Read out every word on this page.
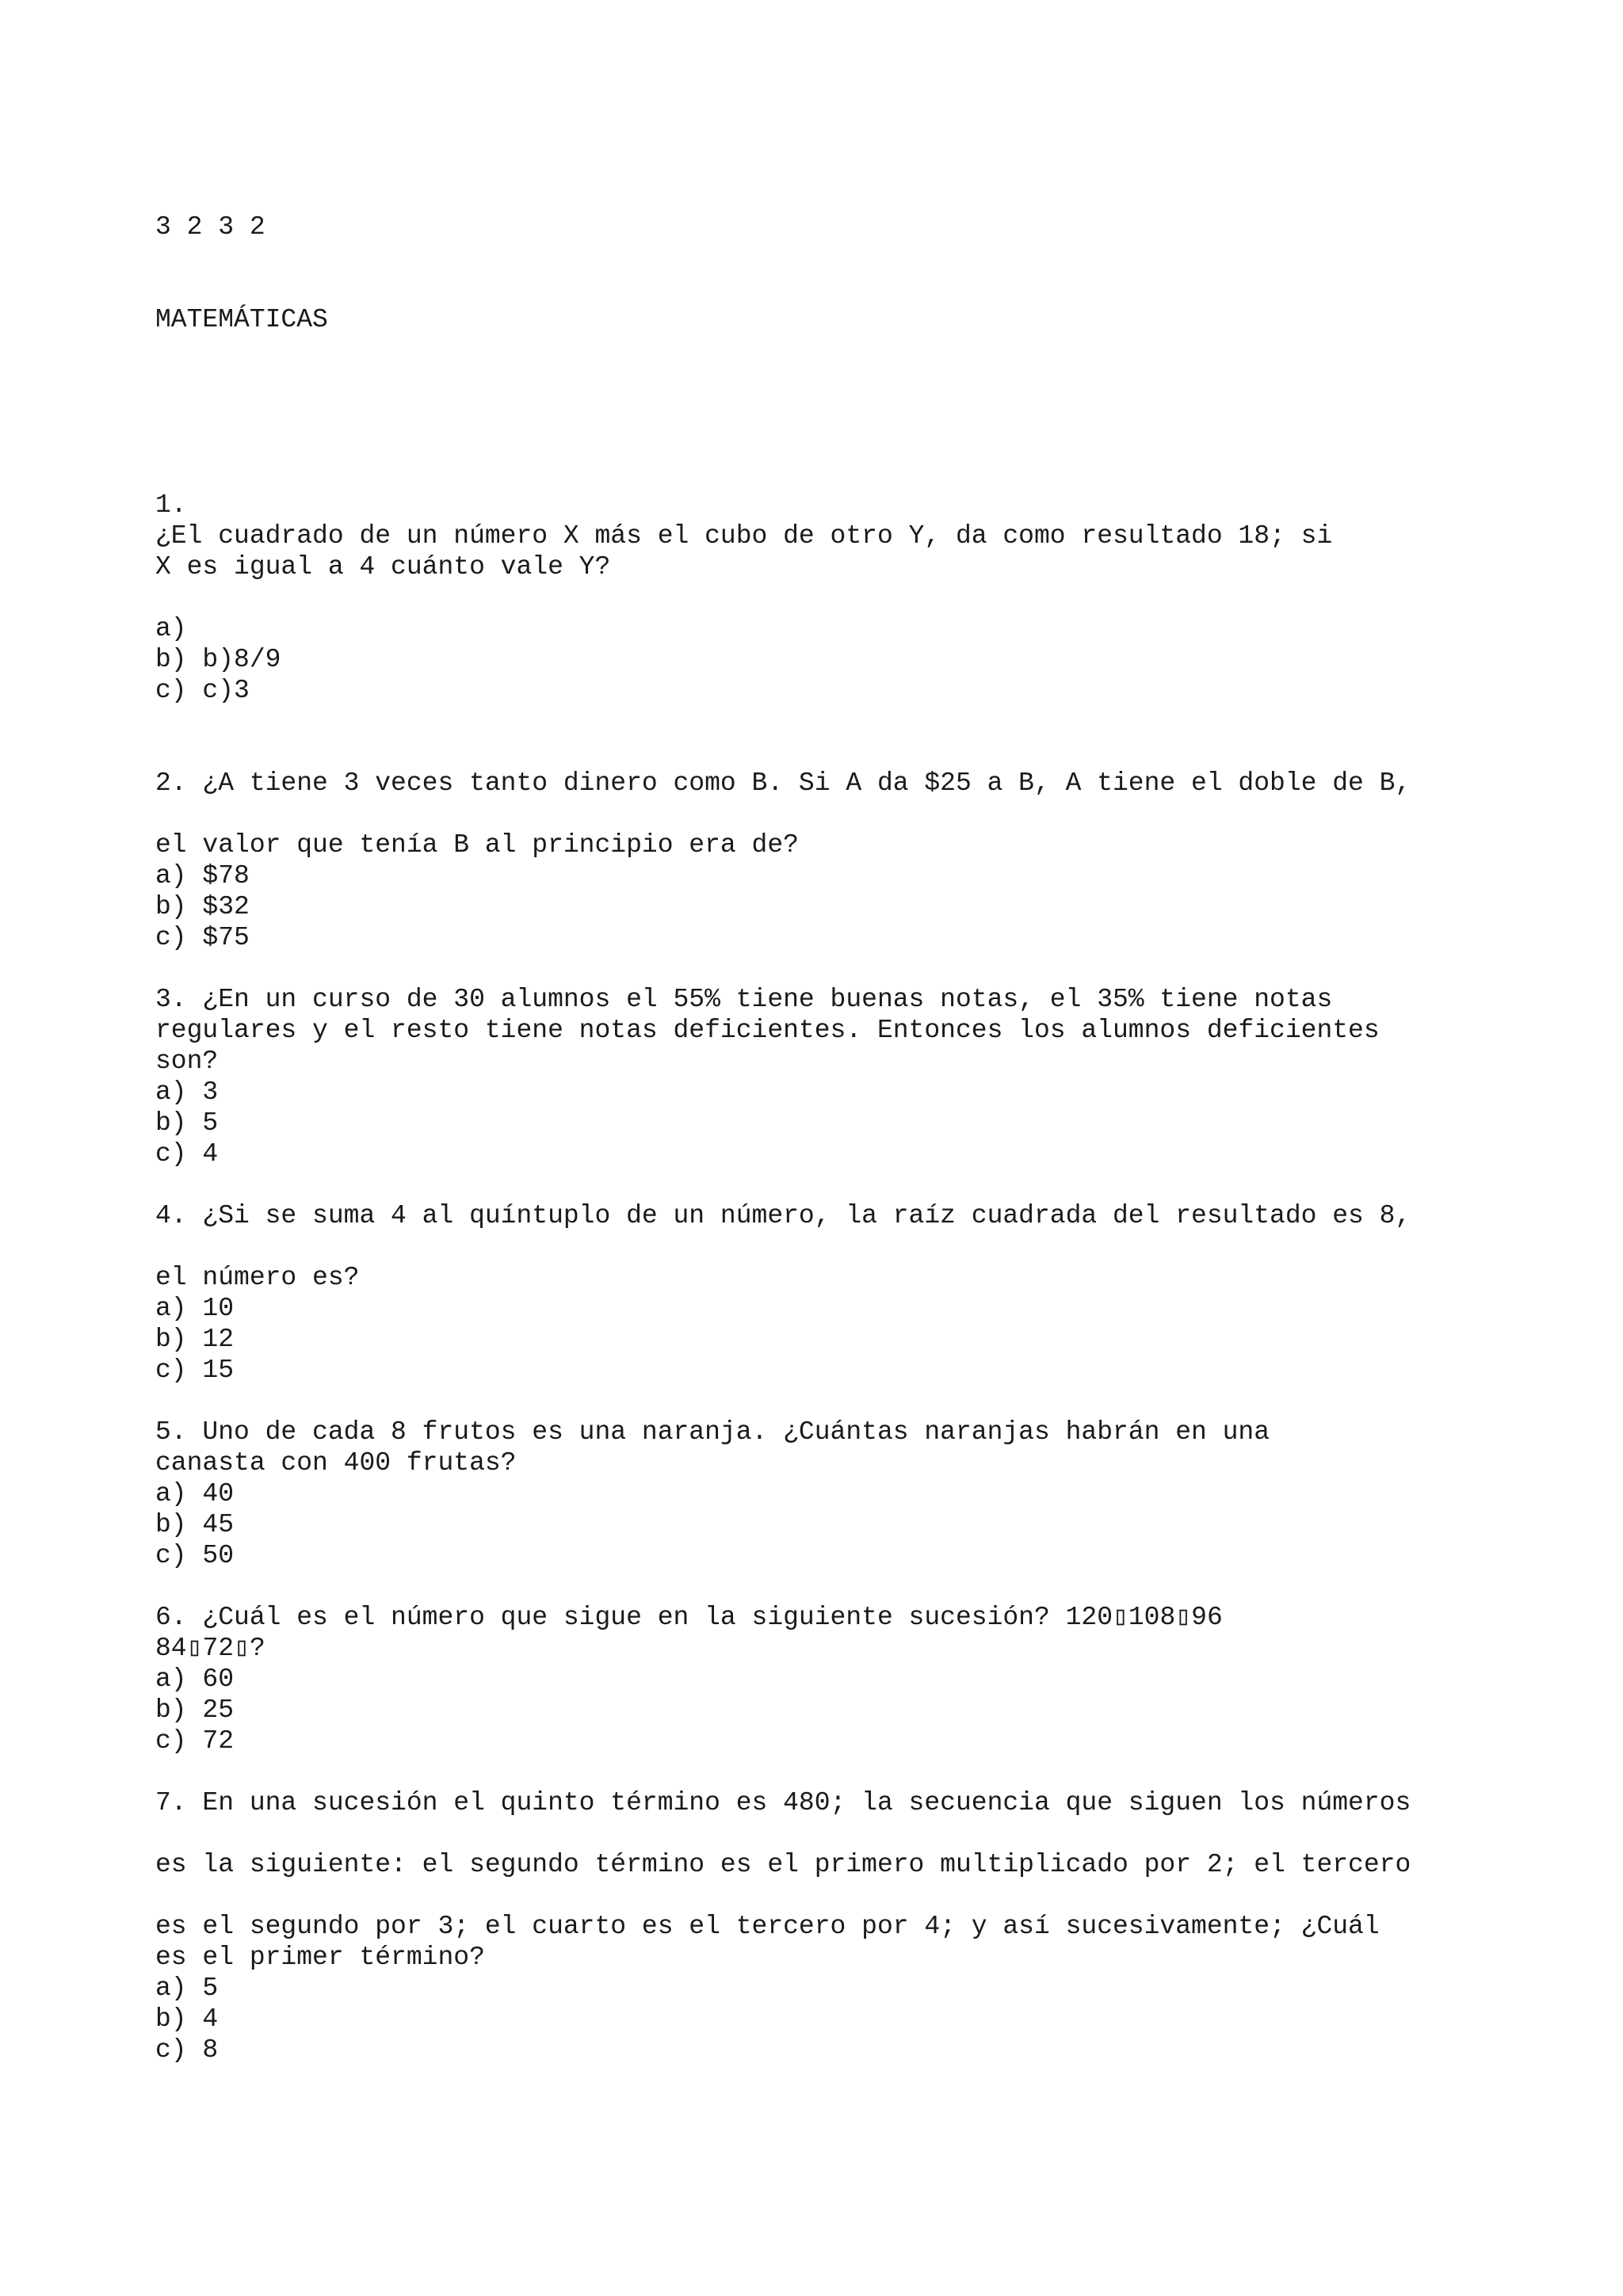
3 2 3 2

MATEMÁTICAS

1.
¿El cuadrado de un número X más el cubo de otro Y, da como resultado 18; si
X es igual a 4 cuánto vale Y?
a)
b) b)8/9
c) c)3
2. ¿A tiene 3 veces tanto dinero como B. Si A da $25 a B, A tiene el doble de B,
el valor que tenía B al principio era de?
a) $78
b) $32
c) $75
3. ¿En un curso de 30 alumnos el 55% tiene buenas notas, el 35% tiene notas
regulares y el resto tiene notas deficientes. Entonces los alumnos deficientes
son?
a) 3
b) 5
c) 4
4. ¿Si se suma 4 al quíntuplo de un número, la raíz cuadrada del resultado es 8,
el número es?
a) 10
b) 12
c) 15
5. Uno de cada 8 frutos es una naranja. ¿Cuántas naranjas habrán en una
canasta con 400 frutas?
a) 40
b) 45
c) 50
6. ¿Cuál es el número que sigue en la siguiente sucesión? 120▯108▯96
84▯72▯?
a) 60
b) 25
c) 72
7. En una sucesión el quinto término es 480; la secuencia que siguen los números
es la siguiente: el segundo término es el primero multiplicado por 2; el tercero
es el segundo por 3; el cuarto es el tercero por 4; y así sucesivamente; ¿Cuál
es el primer término?
a) 5
b) 4
c) 8
